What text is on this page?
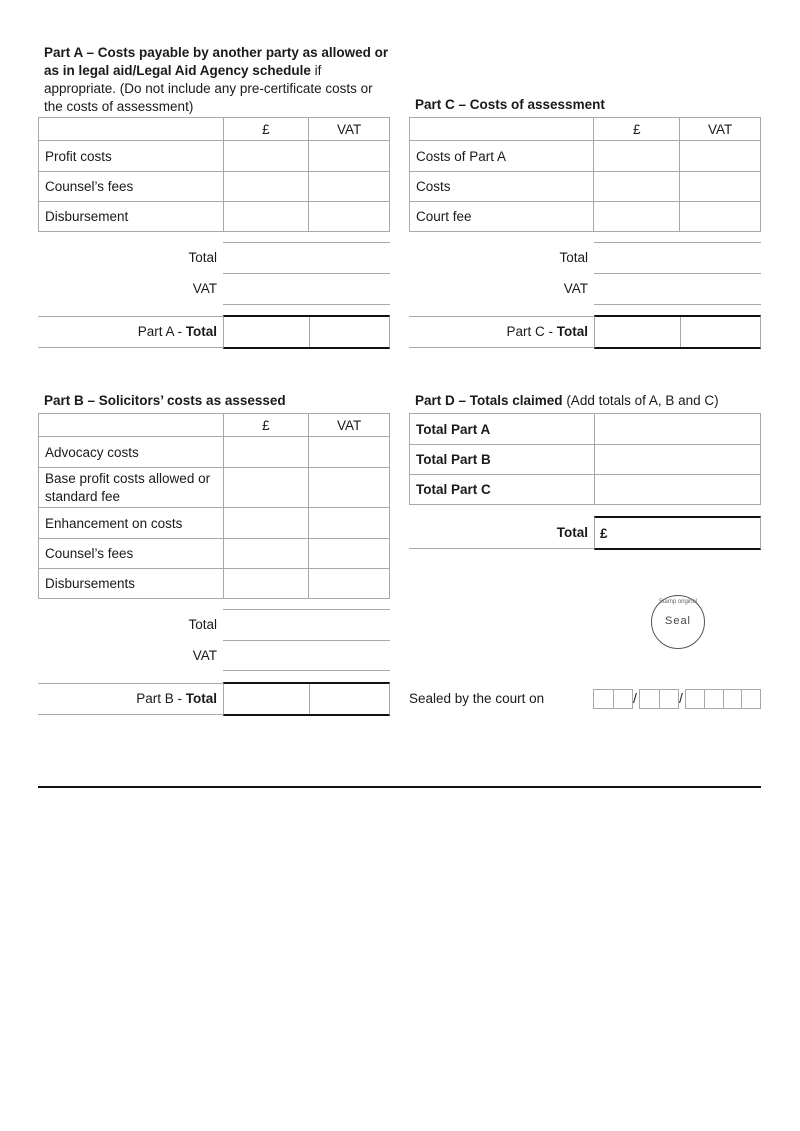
Part A – Costs payable by another party as allowed or as in legal aid/Legal Aid Agency schedule if appropriate. (Do not include any pre-certificate costs or the costs of assessment)
	£	VAT
Profit costs		
Counsel’s fees		
Disbursement		
Total
VAT
Part A - Total
Part C – Costs of assessment
	£	VAT
Costs of Part A		
Costs		
Court fee		
Total
VAT
Part C - Total
Part B – Solicitors’ costs as assessed
	£	VAT
Advocacy costs		
Base profit costs allowed or standard fee		
Enhancement on costs		
Counsel’s fees		
Disbursements		
Total
VAT
Part B - Total
Part D – Totals claimed (Add totals of A, B and C)
Total Part A	
Total Part B	
Total Part C	
Total £
Stamp original
Seal
Sealed by the court on	/	/
